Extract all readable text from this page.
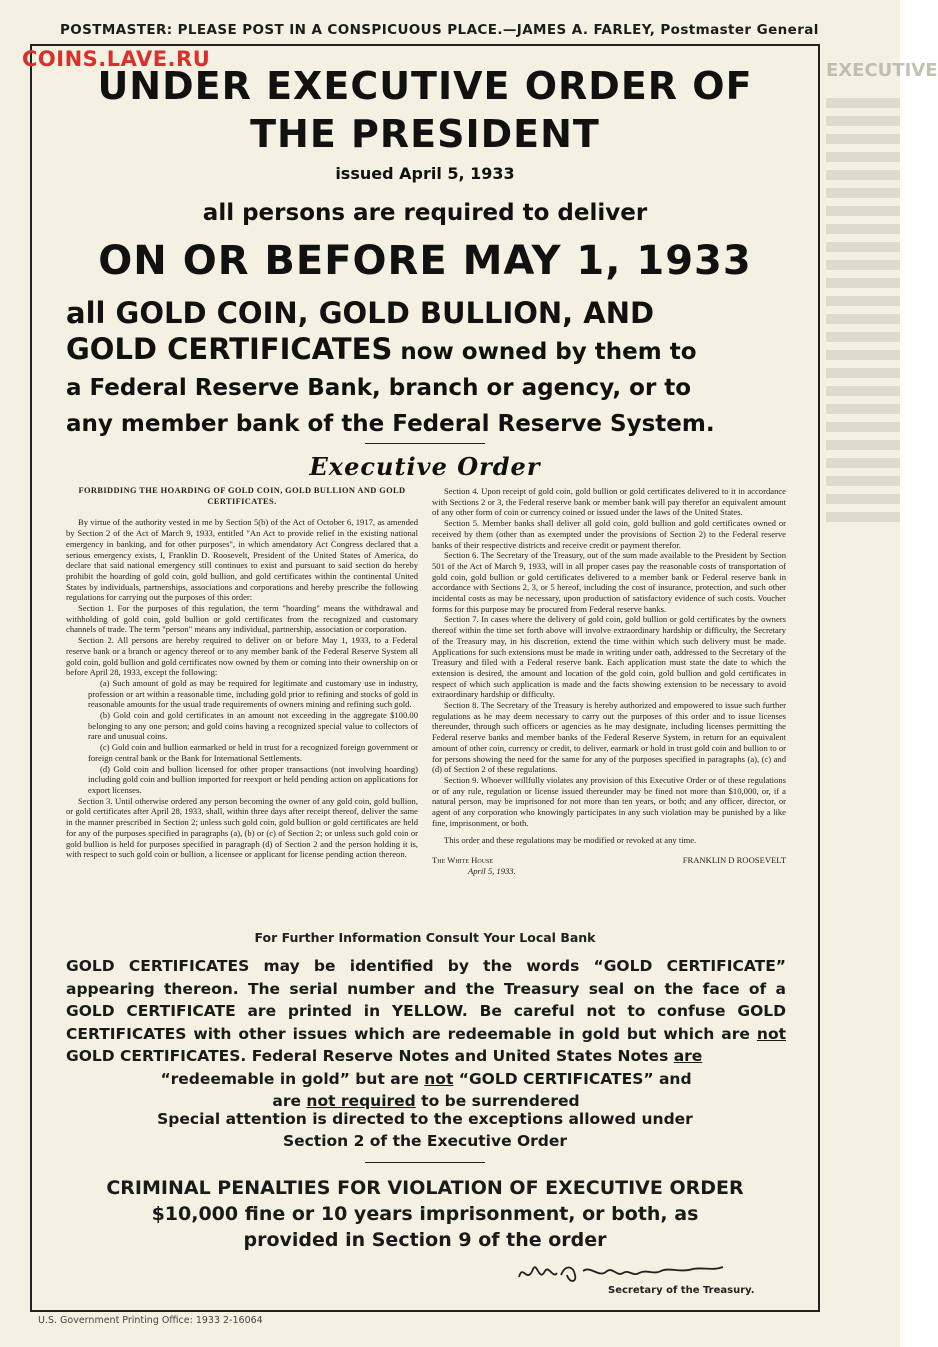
EXECUTIVE
POSTMASTER: PLEASE POST IN A CONSPICUOUS PLACE.—JAMES A. FARLEY, Postmaster General
COINS.LAVE.RU
UNDER EXECUTIVE ORDER OF
THE PRESIDENT
issued April 5, 1933
all persons are required to deliver
ON OR BEFORE MAY 1, 1933
all GOLD COIN, GOLD BULLION, AND
GOLD CERTIFICATES now owned by them to
a Federal Reserve Bank, branch or agency, or to
any member bank of the Federal Reserve System.
Executive Order

FORBIDDING THE HOARDING OF GOLD COIN, GOLD BULLION AND GOLD CERTIFICATES.

By virtue of the authority vested in me by Section 5(b) of the Act of October 6, 1917, as amended by Section 2 of the Act of March 9, 1933, entitled "An Act to provide relief in the existing national emergency in banking, and for other purposes", in which amendatory Act Congress declared that a serious emergency exists, I, Franklin D. Roosevelt, President of the United States of America, do declare that said national emergency still continues to exist and pursuant to said section do hereby prohibit the hoarding of gold coin, gold bullion, and gold certificates within the continental United States by individuals, partnerships, associations and corporations and hereby prescribe the following regulations for carrying out the purposes of this order:

Section 1. For the purposes of this regulation, the term "hoarding" means the withdrawal and withholding of gold coin, gold bullion or gold certificates from the recognized and customary channels of trade. The term "person" means any individual, partnership, association or corporation.

Section 2. All persons are hereby required to deliver on or before May 1, 1933, to a Federal reserve bank or a branch or agency thereof or to any member bank of the Federal Reserve System all gold coin, gold bullion and gold certificates now owned by them or coming into their ownership on or before April 28, 1933, except the following:

(a) Such amount of gold as may be required for legitimate and customary use in industry, profession or art within a reasonable time, including gold prior to refining and stocks of gold in reasonable amounts for the usual trade requirements of owners mining and refining such gold.

(b) Gold coin and gold certificates in an amount not exceeding in the aggregate $100.00 belonging to any one person; and gold coins having a recognized special value to collectors of rare and unusual coins.

(c) Gold coin and bullion earmarked or held in trust for a recognized foreign government or foreign central bank or the Bank for International Settlements.

(d) Gold coin and bullion licensed for other proper transactions (not involving hoarding) including gold coin and bullion imported for reexport or held pending action on applications for export licenses.

Section 3. Until otherwise ordered any person becoming the owner of any gold coin, gold bullion, or gold certificates after April 28, 1933, shall, within three days after receipt thereof, deliver the same in the manner prescribed in Section 2; unless such gold coin, gold bullion or gold certificates are held for any of the purposes specified in paragraphs (a), (b) or (c) of Section 2; or unless such gold coin or gold bullion is held for purposes specified in paragraph (d) of Section 2 and the person holding it is, with respect to such gold coin or bullion, a licensee or applicant for license pending action thereon.

Section 4. Upon receipt of gold coin, gold bullion or gold certificates delivered to it in accordance with Sections 2 or 3, the Federal reserve bank or member bank will pay therefor an equivalent amount of any other form of coin or currency coined or issued under the laws of the United States.

Section 5. Member banks shall deliver all gold coin, gold bullion and gold certificates owned or received by them (other than as exempted under the provisions of Section 2) to the Federal reserve banks of their respective districts and receive credit or payment therefor.

Section 6. The Secretary of the Treasury, out of the sum made available to the President by Section 501 of the Act of March 9, 1933, will in all proper cases pay the reasonable costs of transportation of gold coin, gold bullion or gold certificates delivered to a member bank or Federal reserve bank in accordance with Sections 2, 3, or 5 hereof, including the cost of insurance, protection, and such other incidental costs as may be necessary, upon production of satisfactory evidence of such costs. Voucher forms for this purpose may be procured from Federal reserve banks.

Section 7. In cases where the delivery of gold coin, gold bullion or gold certificates by the owners thereof within the time set forth above will involve extraordinary hardship or difficulty, the Secretary of the Treasury may, in his discretion, extend the time within which such delivery must be made. Applications for such extensions must be made in writing under oath, addressed to the Secretary of the Treasury and filed with a Federal reserve bank. Each application must state the date to which the extension is desired, the amount and location of the gold coin, gold bullion and gold certificates in respect of which such application is made and the facts showing extension to be necessary to avoid extraordinary hardship or difficulty.

Section 8. The Secretary of the Treasury is hereby authorized and empowered to issue such further regulations as he may deem necessary to carry out the purposes of this order and to issue licenses thereunder, through such officers or agencies as he may designate, including licenses permitting the Federal reserve banks and member banks of the Federal Reserve System, in return for an equivalent amount of other coin, currency or credit, to deliver, earmark or hold in trust gold coin and bullion to or for persons showing the need for the same for any of the purposes specified in paragraphs (a), (c) and (d) of Section 2 of these regulations.

Section 9. Whoever willfully violates any provision of this Executive Order or of these regulations or of any rule, regulation or license issued thereunder may be fined not more than $10,000, or, if a natural person, may be imprisoned for not more than ten years, or both; and any officer, director, or agent of any corporation who knowingly participates in any such violation may be punished by a like fine, imprisonment, or both.

This order and these regulations may be modified or revoked at any time.

The White House	FRANKLIN D ROOSEVELT
April 5, 1933.
For Further Information Consult Your Local Bank
GOLD CERTIFICATES may be identified by the words “GOLD CERTIFICATE” appearing thereon. The serial number and the Treasury seal on the face of a GOLD CERTIFICATE are printed in YELLOW. Be careful not to confuse GOLD CERTIFICATES with other issues which are redeemable in gold but which are not GOLD CERTIFICATES. Federal Reserve Notes and United States Notes are
“redeemable in gold” but are not “GOLD CERTIFICATES” and
are not required to be surrendered
Special attention is directed to the exceptions allowed under
Section 2 of the Executive Order
CRIMINAL PENALTIES FOR VIOLATION OF EXECUTIVE ORDER
$10,000 fine or 10 years imprisonment, or both, as
provided in Section 9 of the order
Secretary of the Treasury.
U.S. Government Printing Office: 1933 2-16064
